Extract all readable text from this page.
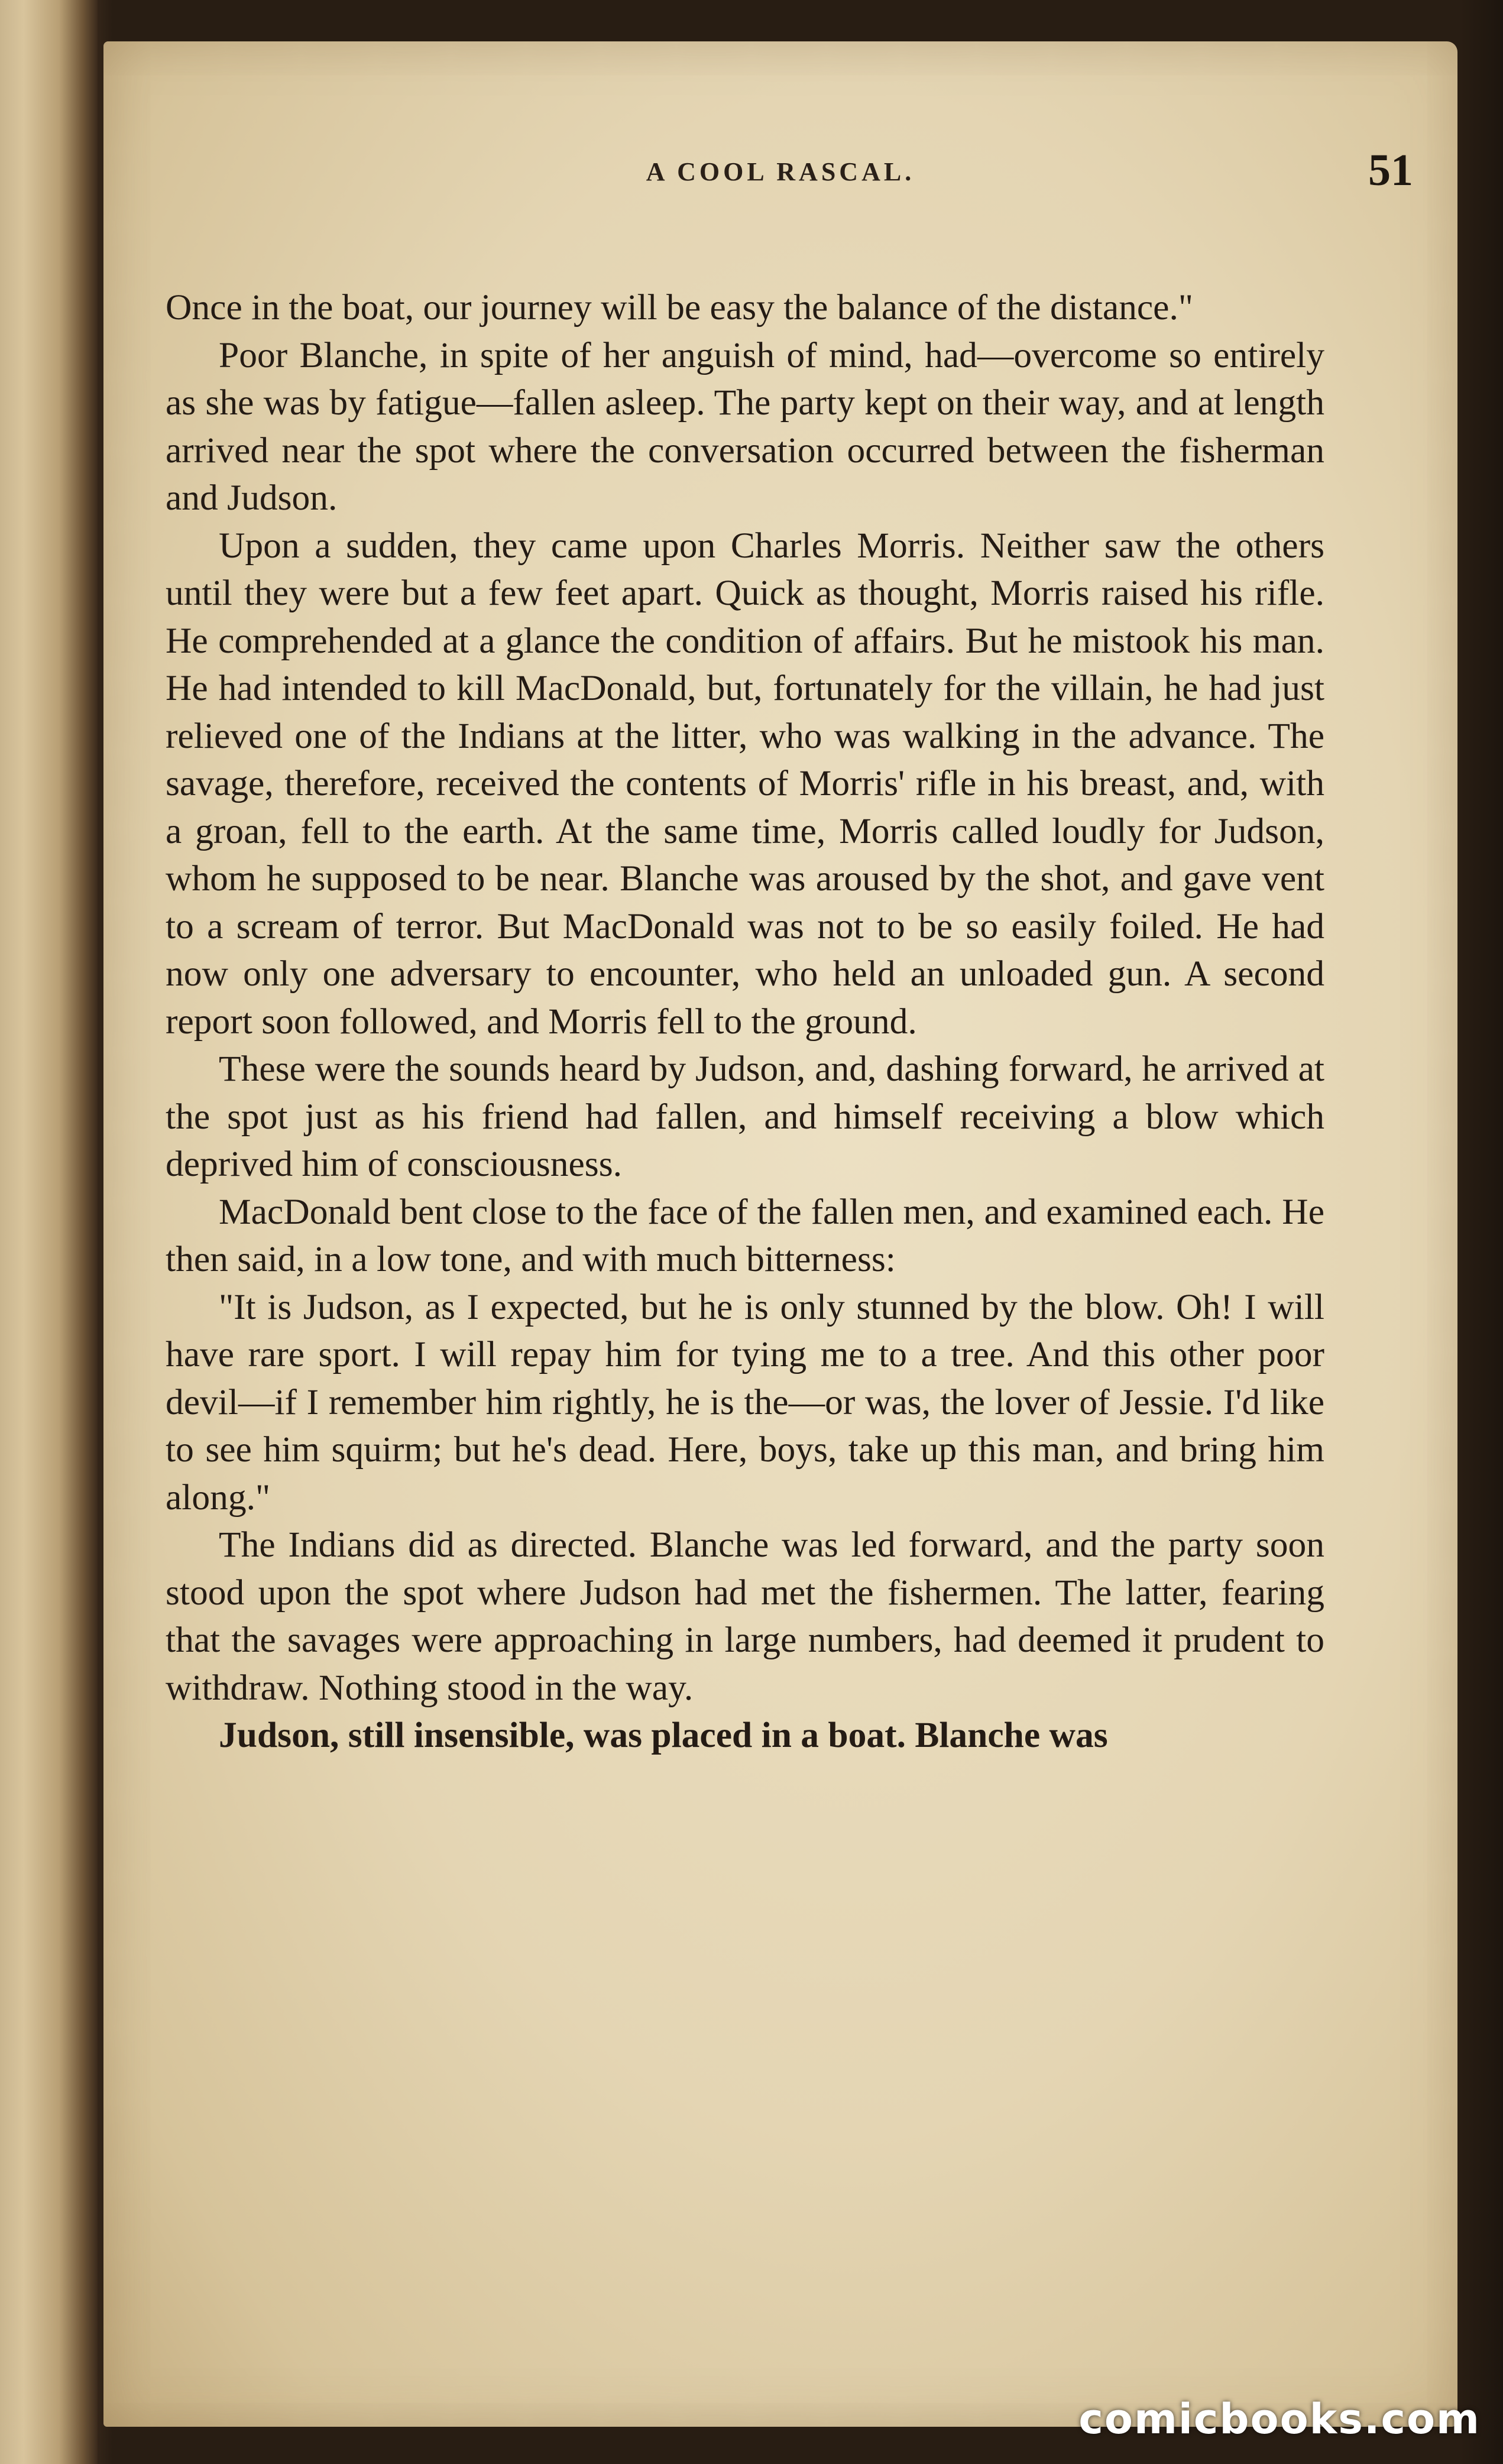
A COOL RASCAL.	51

Once in the boat, our journey will be easy the balance of the distance."

Poor Blanche, in spite of her anguish of mind, had—overcome so entirely as she was by fatigue—fallen asleep. The party kept on their way, and at length arrived near the spot where the conversation occurred between the fisherman and Judson.

Upon a sudden, they came upon Charles Morris. Neither saw the others until they were but a few feet apart. Quick as thought, Morris raised his rifle. He comprehended at a glance the condition of affairs. But he mistook his man. He had intended to kill MacDonald, but, fortunately for the villain, he had just relieved one of the Indians at the litter, who was walking in the advance. The savage, therefore, received the contents of Morris' rifle in his breast, and, with a groan, fell to the earth. At the same time, Morris called loudly for Judson, whom he supposed to be near. Blanche was aroused by the shot, and gave vent to a scream of terror. But MacDonald was not to be so easily foiled. He had now only one adversary to encounter, who held an unloaded gun. A second report soon followed, and Morris fell to the ground.

These were the sounds heard by Judson, and, dashing forward, he arrived at the spot just as his friend had fallen, and himself receiving a blow which deprived him of consciousness.

MacDonald bent close to the face of the fallen men, and examined each. He then said, in a low tone, and with much bitterness:

"It is Judson, as I expected, but he is only stunned by the blow. Oh! I will have rare sport. I will repay him for tying me to a tree. And this other poor devil—if I remember him rightly, he is the—or was, the lover of Jessie. I'd like to see him squirm; but he's dead. Here, boys, take up this man, and bring him along."

The Indians did as directed. Blanche was led forward, and the party soon stood upon the spot where Judson had met the fishermen. The latter, fearing that the savages were approaching in large numbers, had deemed it prudent to withdraw. Nothing stood in the way.

Judson, still insensible, was placed in a boat. Blanche was

comicbooks.com
